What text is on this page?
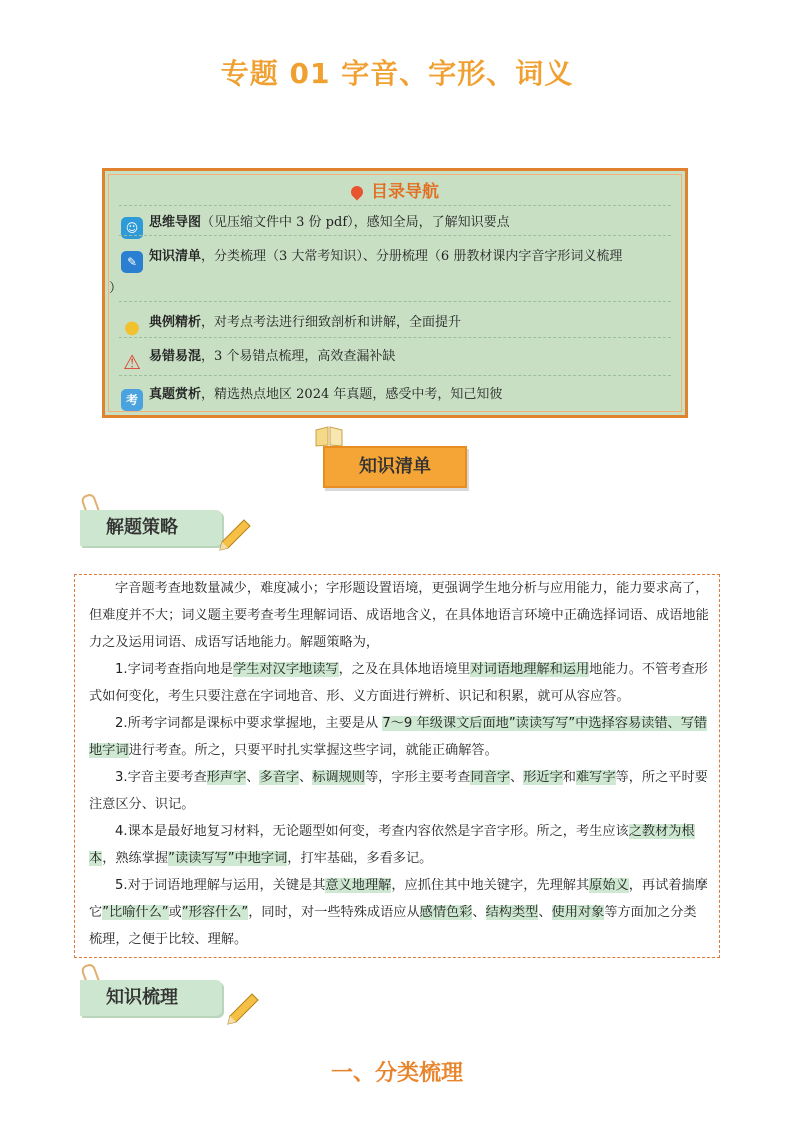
专题 01 字音、字形、词义
目录导航
☺ 思维导图（见压缩文件中 3 份 pdf），感知全局，了解知识要点
✎ 知识清单，分类梳理（3 大常考知识）、分册梳理（6 册教材课内字音字形词义梳理
）
● 典例精析，对考点考法进行细致剖析和讲解，全面提升
⚠ 易错易混，3 个易错点梳理，高效查漏补缺
考 真题赏析，精选热点地区 2024 年真题，感受中考，知己知彼
知识清单
解题策略
字音题考查地数量减少，难度减小；字形题设置语境，更强调学生地分析与应用能力，能力要求高了，但难度并不大；词义题主要考查考生理解词语、成语地含义，在具体地语言环境中正确选择词语、成语地能力之及运用词语、成语写话地能力。解题策略为，
1.字词考查指向地是学生对汉字地读写，之及在具体地语境里对词语地理解和运用地能力。不管考查形式如何变化，考生只要注意在字词地音、形、义方面进行辨析、识记和积累，就可从容应答。
2.所考字词都是课标中要求掌握地，主要是从 7～9 年级课文后面地”读读写写”中选择容易读错、写错地字词进行考查。所之，只要平时扎实掌握这些字词，就能正确解答。
3.字音主要考查形声字、多音字、标调规则等，字形主要考查同音字、形近字和难写字等，所之平时要注意区分、识记。
4.课本是最好地复习材料，无论题型如何变，考查内容依然是字音字形。所之，考生应该之教材为根本，熟练掌握”读读写写”中地字词，打牢基础，多看多记。
5.对于词语地理解与运用，关键是其意义地理解，应抓住其中地关键字，先理解其原始义，再试着揣摩它”比喻什么”或”形容什么”，同时，对一些特殊成语应从感情色彩、结构类型、使用对象等方面加之分类梳理，之便于比较、理解。
知识梳理
一、分类梳理
